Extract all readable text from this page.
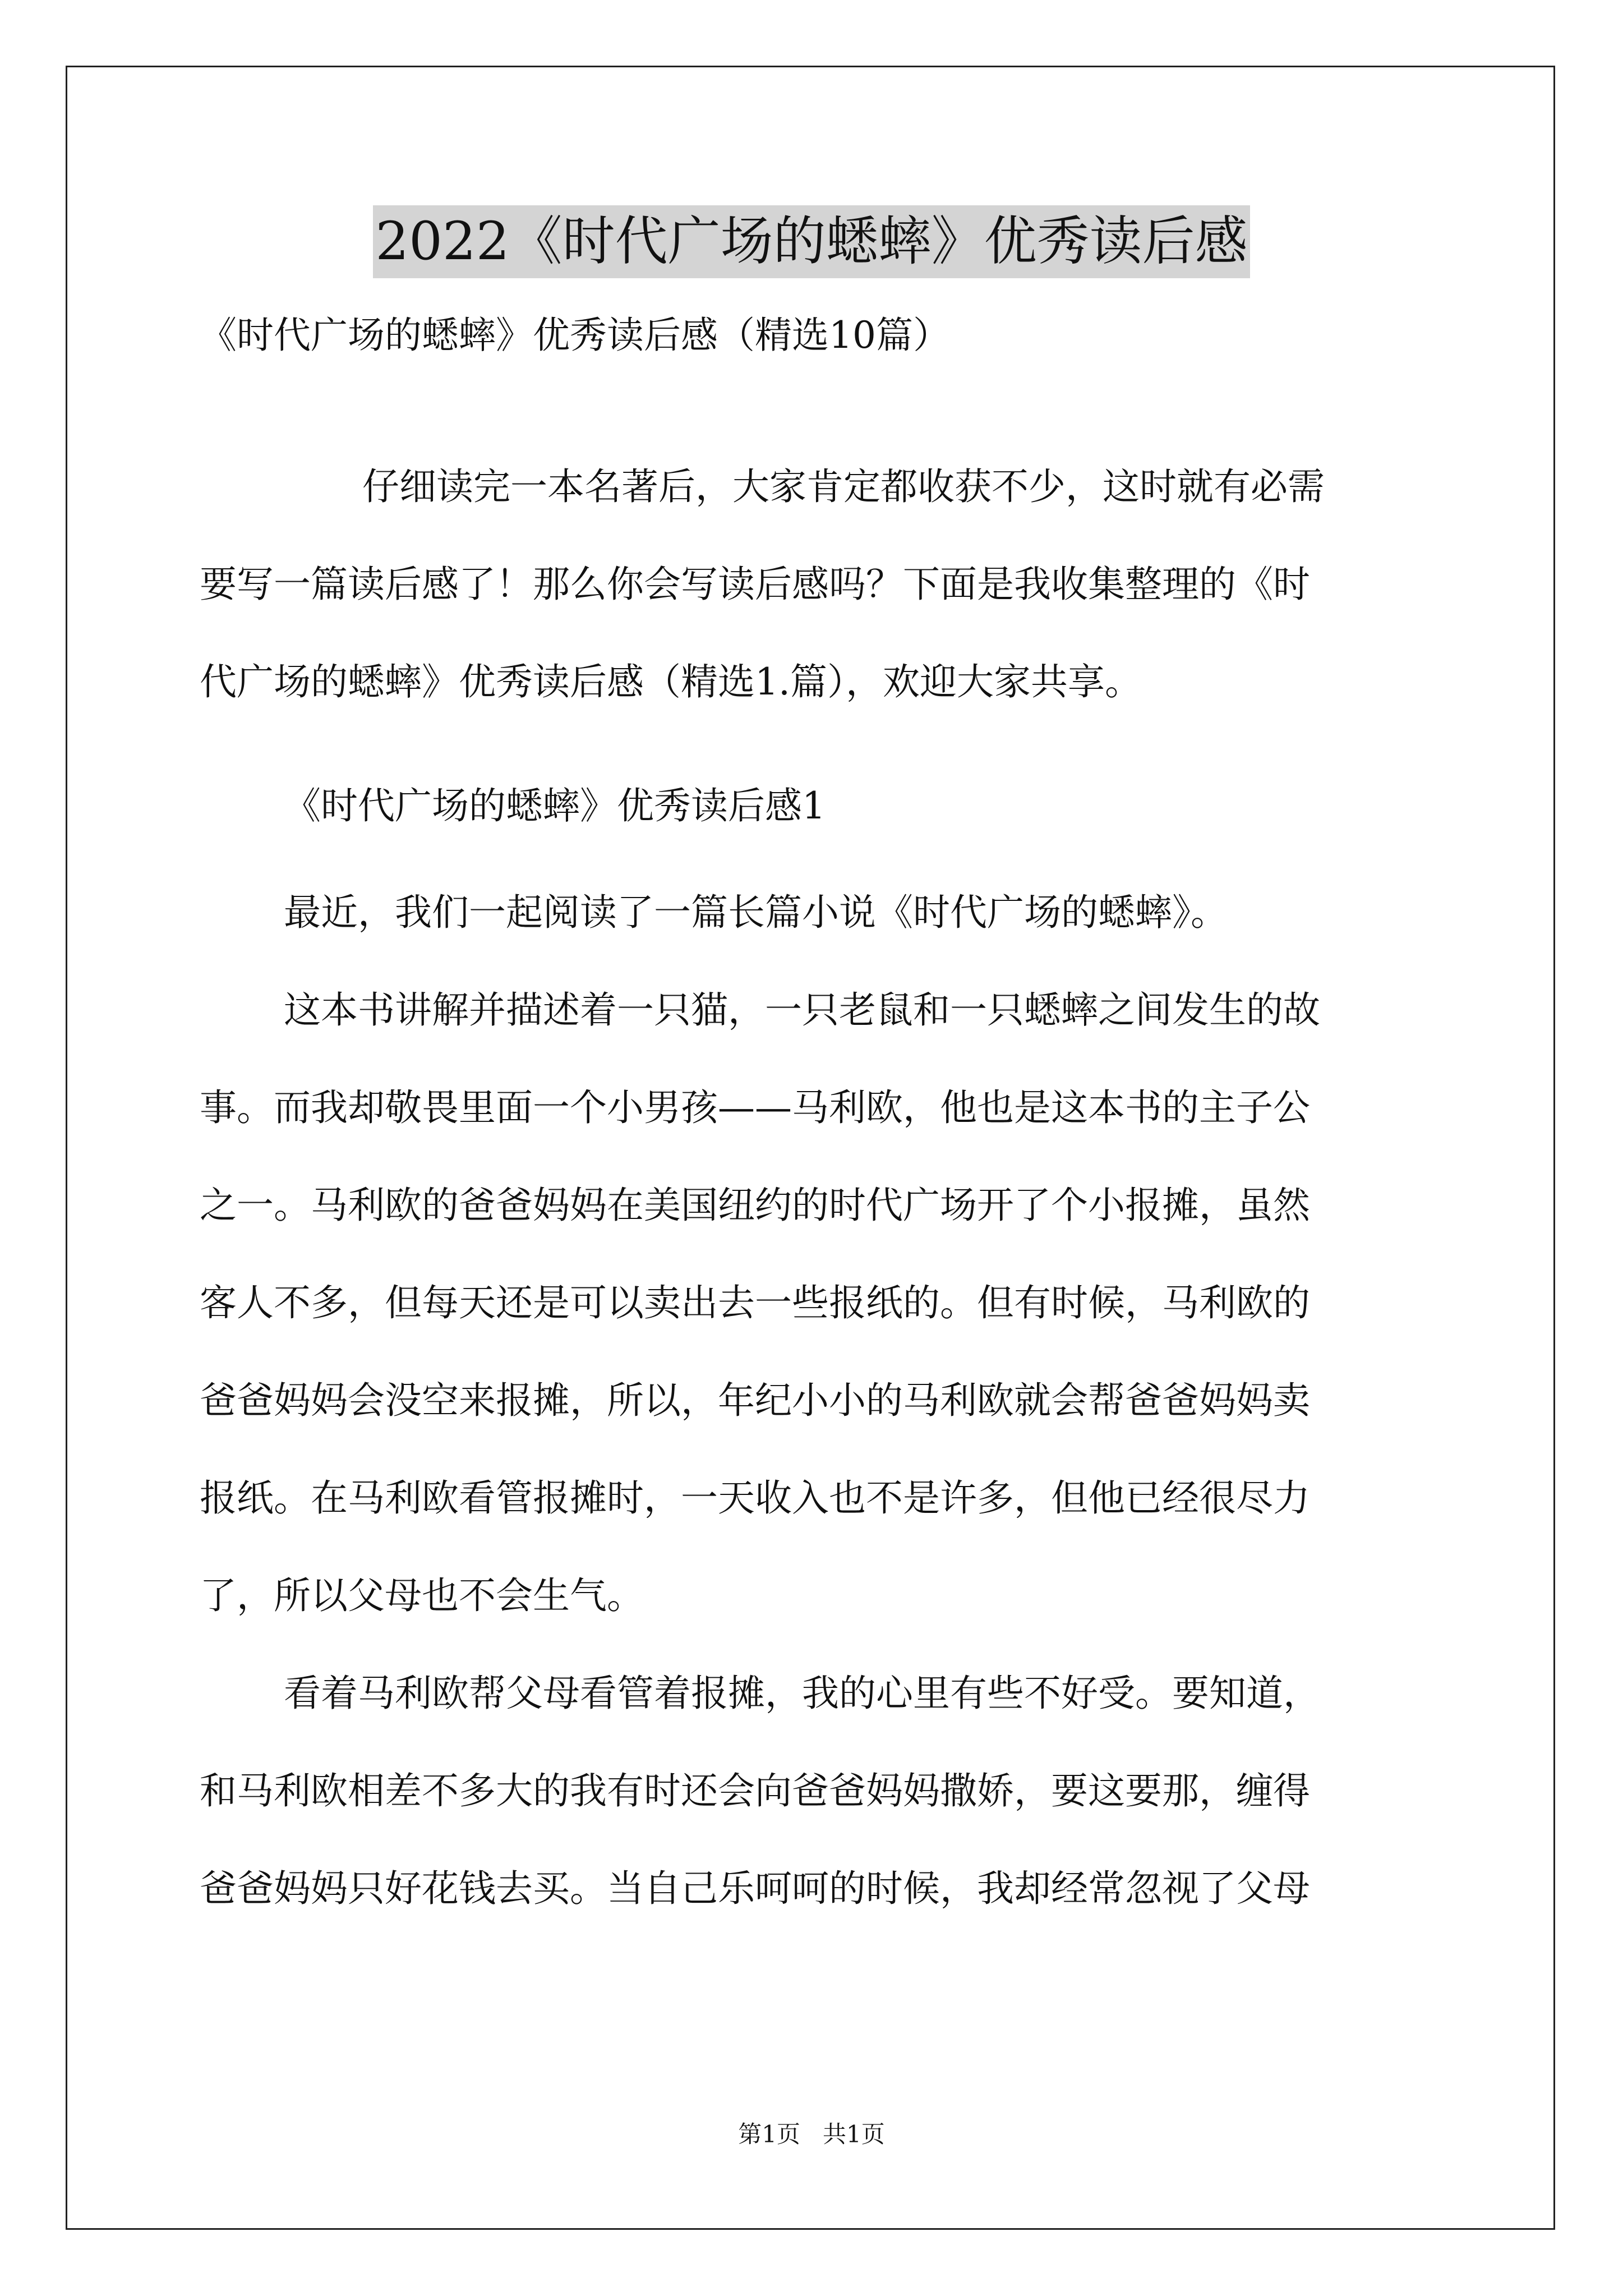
2022《时代广场的蟋蟀》优秀读后感
《时代广场的蟋蟀》优秀读后感（精选10篇）
仔细读完一本名著后，大家肯定都收获不少，这时就有必需
要写一篇读后感了！那么你会写读后感吗？下面是我收集整理的《时
代广场的蟋蟀》优秀读后感（精选1.篇），欢迎大家共享。
《时代广场的蟋蟀》优秀读后感1
最近，我们一起阅读了一篇长篇小说《时代广场的蟋蟀》。
这本书讲解并描述着一只猫，一只老鼠和一只蟋蟀之间发生的故
事。而我却敬畏里面一个小男孩——马利欧，他也是这本书的主子公
之一。马利欧的爸爸妈妈在美国纽约的时代广场开了个小报摊，虽然
客人不多，但每天还是可以卖出去一些报纸的。但有时候，马利欧的
爸爸妈妈会没空来报摊，所以，年纪小小的马利欧就会帮爸爸妈妈卖
报纸。在马利欧看管报摊时，一天收入也不是许多，但他已经很尽力
了，所以父母也不会生气。
看着马利欧帮父母看管着报摊，我的心里有些不好受。要知道，
和马利欧相差不多大的我有时还会向爸爸妈妈撒娇，要这要那，缠得
爸爸妈妈只好花钱去买。当自己乐呵呵的时候，我却经常忽视了父母
第1页   共1页
